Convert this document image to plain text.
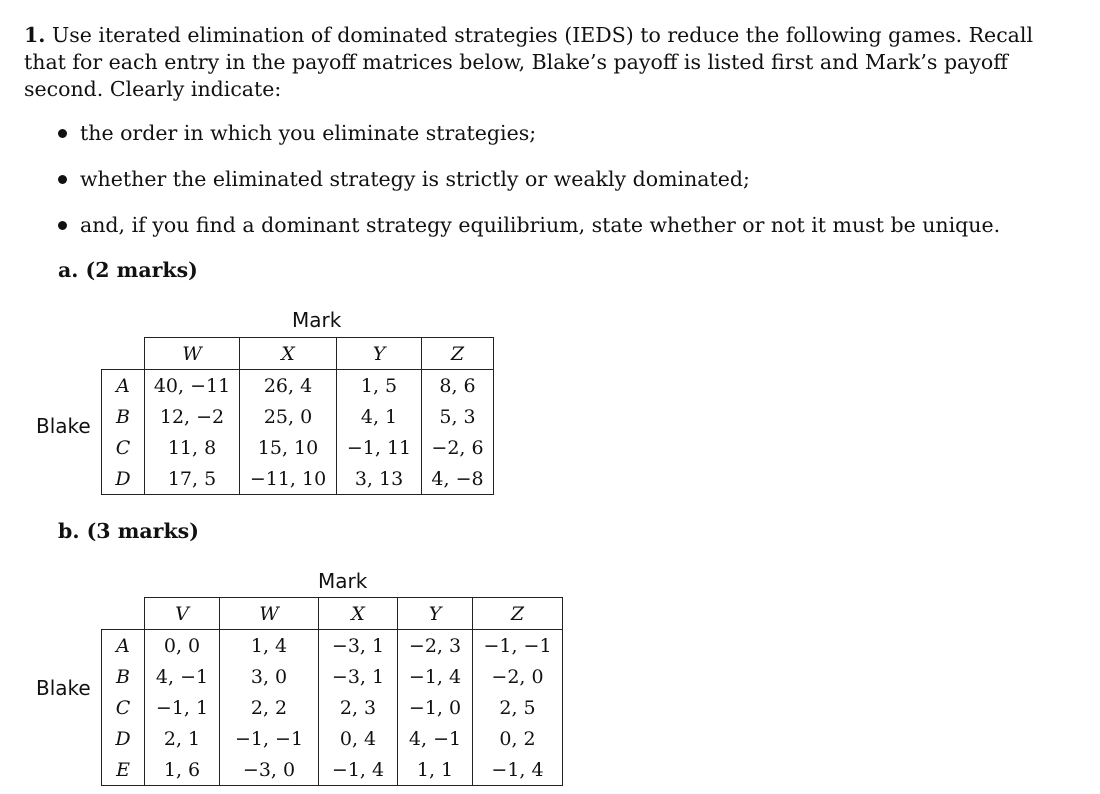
1. Use iterated elimination of dominated strategies (IEDS) to reduce the following games. Recall that for each entry in the payoff matrices below, Blake’s payoff is listed first and Mark’s payoff second. Clearly indicate:
the order in which you eliminate strategies;
whether the eliminated strategy is strictly or weakly dominated;
and, if you find a dominant strategy equilibrium, state whether or not it must be unique.
a. (2 marks)
Mark
Blake
	W	X	Y	Z
A	40, −11	26, 4	1, 5	8, 6
B	12, −2	25, 0	4, 1	5, 3
C	11, 8	15, 10	−1, 11	−2, 6
D	17, 5	−11, 10	3, 13	4, −8
b. (3 marks)
Mark
Blake
	V	W	X	Y	Z
A	0, 0	1, 4	−3, 1	−2, 3	−1, −1
B	4, −1	3, 0	−3, 1	−1, 4	−2, 0
C	−1, 1	2, 2	2, 3	−1, 0	2, 5
D	2, 1	−1, −1	0, 4	4, −1	0, 2
E	1, 6	−3, 0	−1, 4	1, 1	−1, 4
